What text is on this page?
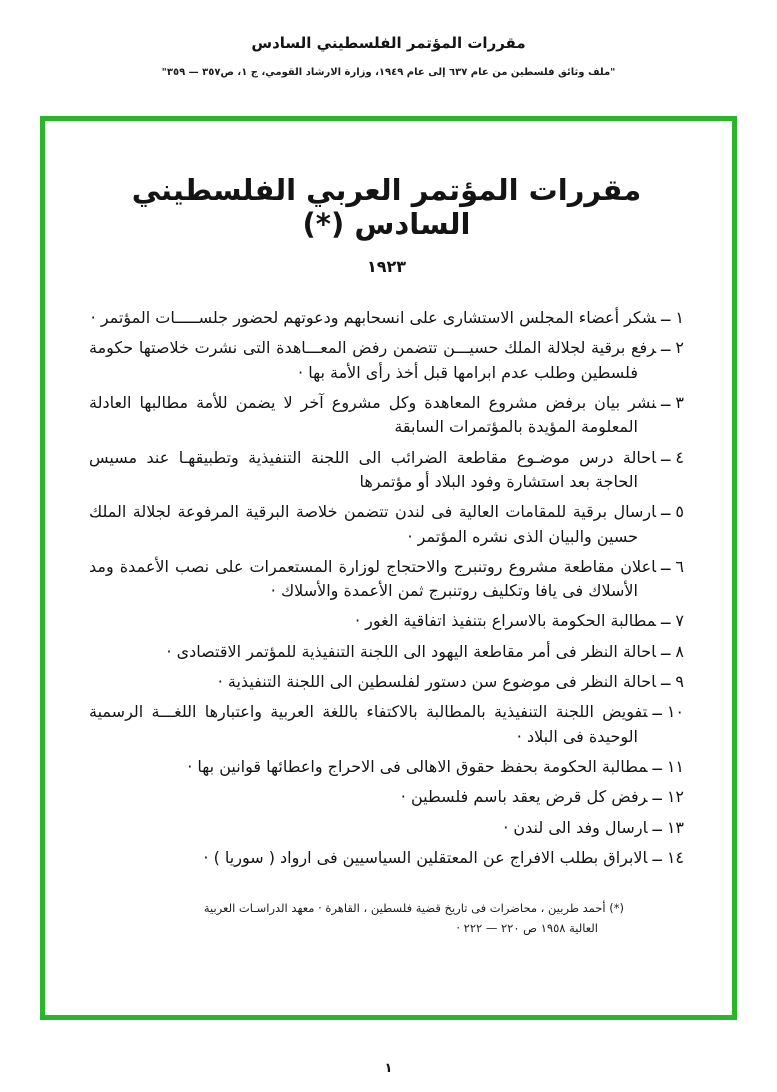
مقررات المؤتمر الفلسطيني السادس
"ملف وثائق فلسطين من عام ٦٣٧ إلى عام ١٩٤٩، وزارة الارشاد القومي، ج ١، ص٣٥٧ — ٣٥٩"
مقررات المؤتمر العربي الفلسطيني السادس (*)
١٩٢٣
١ــشكر أعضاء المجلس الاستشارى على انسحابهم ودعوتهم لحضور جلســـــات المؤتمر ·
٢ــرفع برقية لجلالة الملك حسيـــن تتضمن رفض المعـــاهدة التى نشرت خلاصتها حكومة فلسطين وطلب عدم ابرامها قبل أخذ رأى الأمة بها ·
٣ــنشر بيان برفض مشروع المعاهدة وكل مشروع آخر لا يضمن للأمة مطالبها العادلة المعلومة المؤيدة بالمؤتمرات السابقة
٤ــاحالة درس موضـوع مقاطعة الضرائب الى اللجنة التنفيذية وتطبيقهـا عند مسيس الحاجة بعد استشارة وفود البلاد أو مؤتمرها
٥ــارسال برقية للمقامات العالية فى لندن تتضمن خلاصة البرقية المرفوعة لجلالة الملك حسين والبيان الذى نشره المؤتمر ·
٦ــاعلان مقاطعة مشروع روتنبرج والاحتجاج لوزارة المستعمرات على نصب الأعمدة ومد الأسلاك فى يافا وتكليف روتنبرج ثمن الأعمدة والأسلاك ·
٧ــمطالبة الحكومة بالاسراع بتنفيذ اتفاقية الغور ·
٨ــاحالة النظر فى أمر مقاطعة اليهود الى اللجنة التنفيذية للمؤتمر الاقتصادى ·
٩ــاحالة النظر فى موضوع سن دستور لفلسطين الى اللجنة التنفيذية ·
١٠ــتفويض اللجنة التنفيذية بالمطالبة بالاكتفاء باللغة العربية واعتبارها اللغـــة الرسمية الوحيدة فى البلاد ·
١١ــمطالبة الحكومة بحفظ حقوق الاهالى فى الاحراج واعطائها قوانين بها ·
١٢ــرفض كل قرض يعقد باسم فلسطين ·
١٣ــارسال وفد الى لندن ·
١٤ــالابراق بطلب الافراج عن المعتقلين السياسيين فى ارواد ( سوريا ) ·
(*) أحمد طربين ، محاضرات فى تاريخ قضية فلسطين ، القاهرة · معهد الدراسـات العربية
العالية ١٩٥٨ ص ٢٢٠ — ٢٢٢ ·
١
